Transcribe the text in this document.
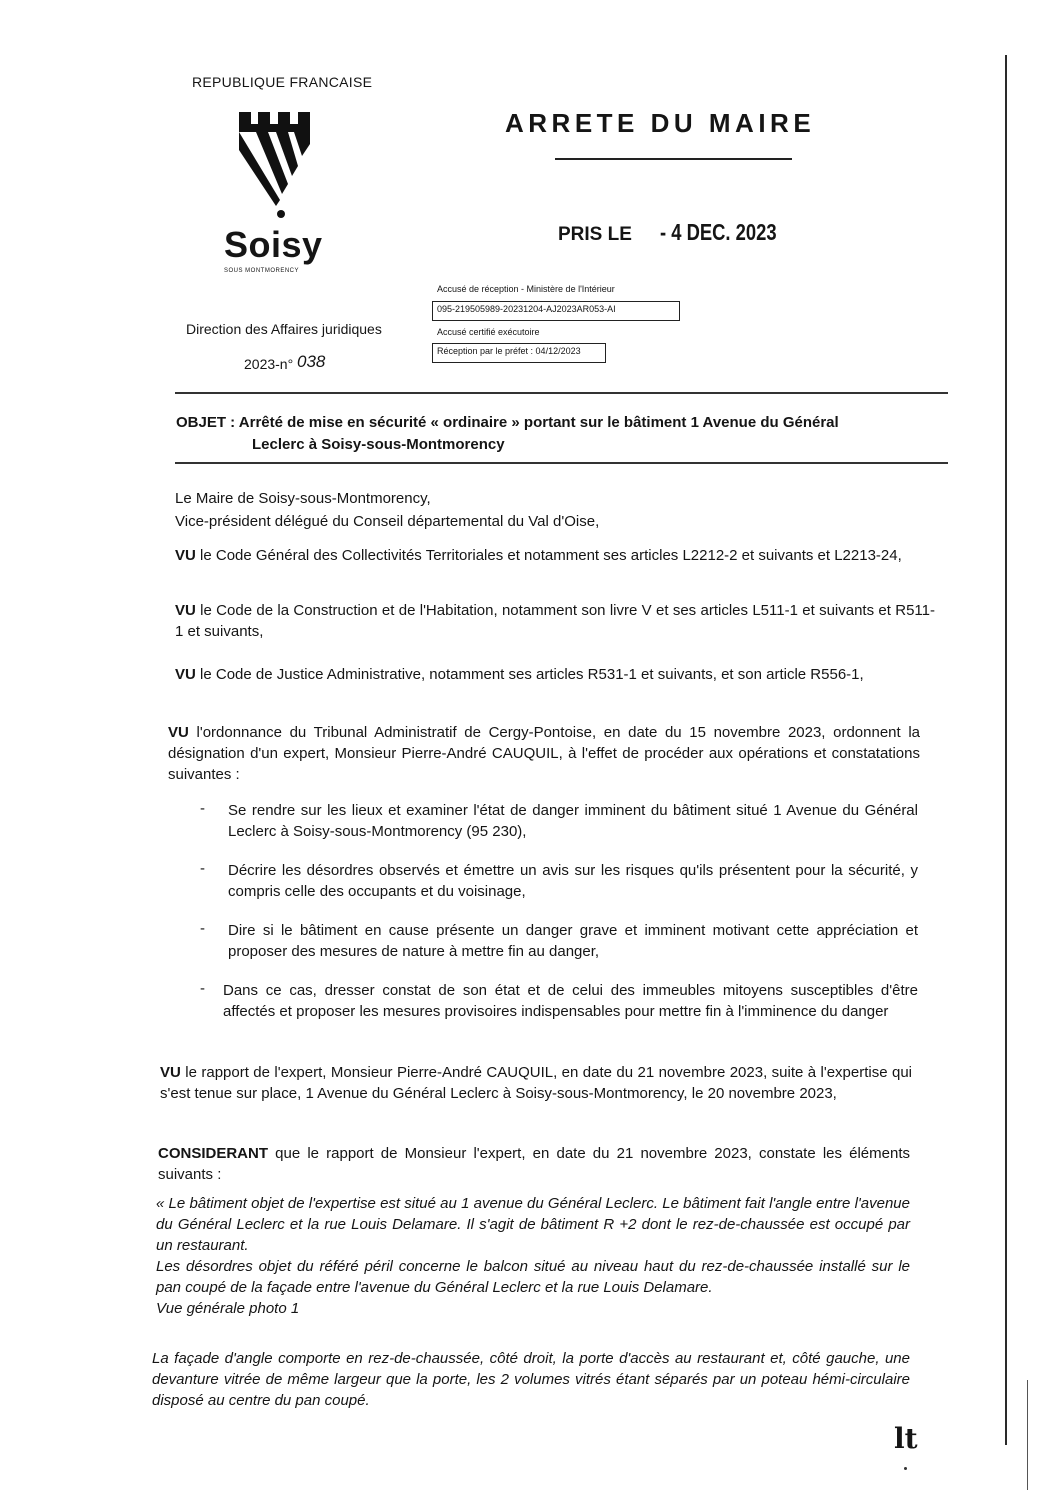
REPUBLIQUE FRANCAISE
Soisy
SOUS MONTMORENCY
ARRETE DU MAIRE
PRIS LE - 4 DEC. 2023
Accusé de réception - Ministère de l'Intérieur
095-219505989-20231204-AJ2023AR053-AI
Accusé certifié exécutoire
Réception par le préfet : 04/12/2023
Direction des Affaires juridiques
2023-n° 038
OBJET : Arrêté de mise en sécurité « ordinaire » portant sur le bâtiment 1 Avenue du Général
Leclerc à Soisy-sous-Montmorency
Le Maire de Soisy-sous-Montmorency,
Vice-président délégué du Conseil départemental du Val d'Oise,
VU le Code Général des Collectivités Territoriales et notamment ses articles L2212-2 et suivants et L2213-24,
VU le Code de la Construction et de l'Habitation, notamment son livre V et ses articles L511-1 et suivants et R511-1 et suivants,
VU le Code de Justice Administrative, notamment ses articles R531-1 et suivants, et son article R556-1,
VU l'ordonnance du Tribunal Administratif de Cergy-Pontoise, en date du 15 novembre 2023, ordonnent la désignation d'un expert, Monsieur Pierre-André CAUQUIL, à l'effet de procéder aux opérations et constatations suivantes :
- Se rendre sur les lieux et examiner l'état de danger imminent du bâtiment situé 1 Avenue du Général Leclerc à Soisy-sous-Montmorency (95 230),
- Décrire les désordres observés et émettre un avis sur les risques qu'ils présentent pour la sécurité, y compris celle des occupants et du voisinage,
- Dire si le bâtiment en cause présente un danger grave et imminent motivant cette appréciation et proposer des mesures de nature à mettre fin au danger,
- Dans ce cas, dresser constat de son état et de celui des immeubles mitoyens susceptibles d'être affectés et proposer les mesures provisoires indispensables pour mettre fin à l'imminence du danger
VU le rapport de l'expert, Monsieur Pierre-André CAUQUIL, en date du 21 novembre 2023, suite à l'expertise qui s'est tenue sur place, 1 Avenue du Général Leclerc à Soisy-sous-Montmorency, le 20 novembre 2023,
CONSIDERANT que le rapport de Monsieur l'expert, en date du 21 novembre 2023, constate les éléments suivants :
« Le bâtiment objet de l'expertise est situé au 1 avenue du Général Leclerc. Le bâtiment fait l'angle entre l'avenue du Général Leclerc et la rue Louis Delamare. Il s'agit de bâtiment R +2 dont le rez-de-chaussée est occupé par un restaurant.
Les désordres objet du référé péril concerne le balcon situé au niveau haut du rez-de-chaussée installé sur le pan coupé de la façade entre l'avenue du Général Leclerc et la rue Louis Delamare.
Vue générale photo 1
La façade d'angle comporte en rez-de-chaussée, côté droit, la porte d'accès au restaurant et, côté gauche, une devanture vitrée de même largeur que la porte, les 2 volumes vitrés étant séparés par un poteau hémi-circulaire disposé au centre du pan coupé.
lt
